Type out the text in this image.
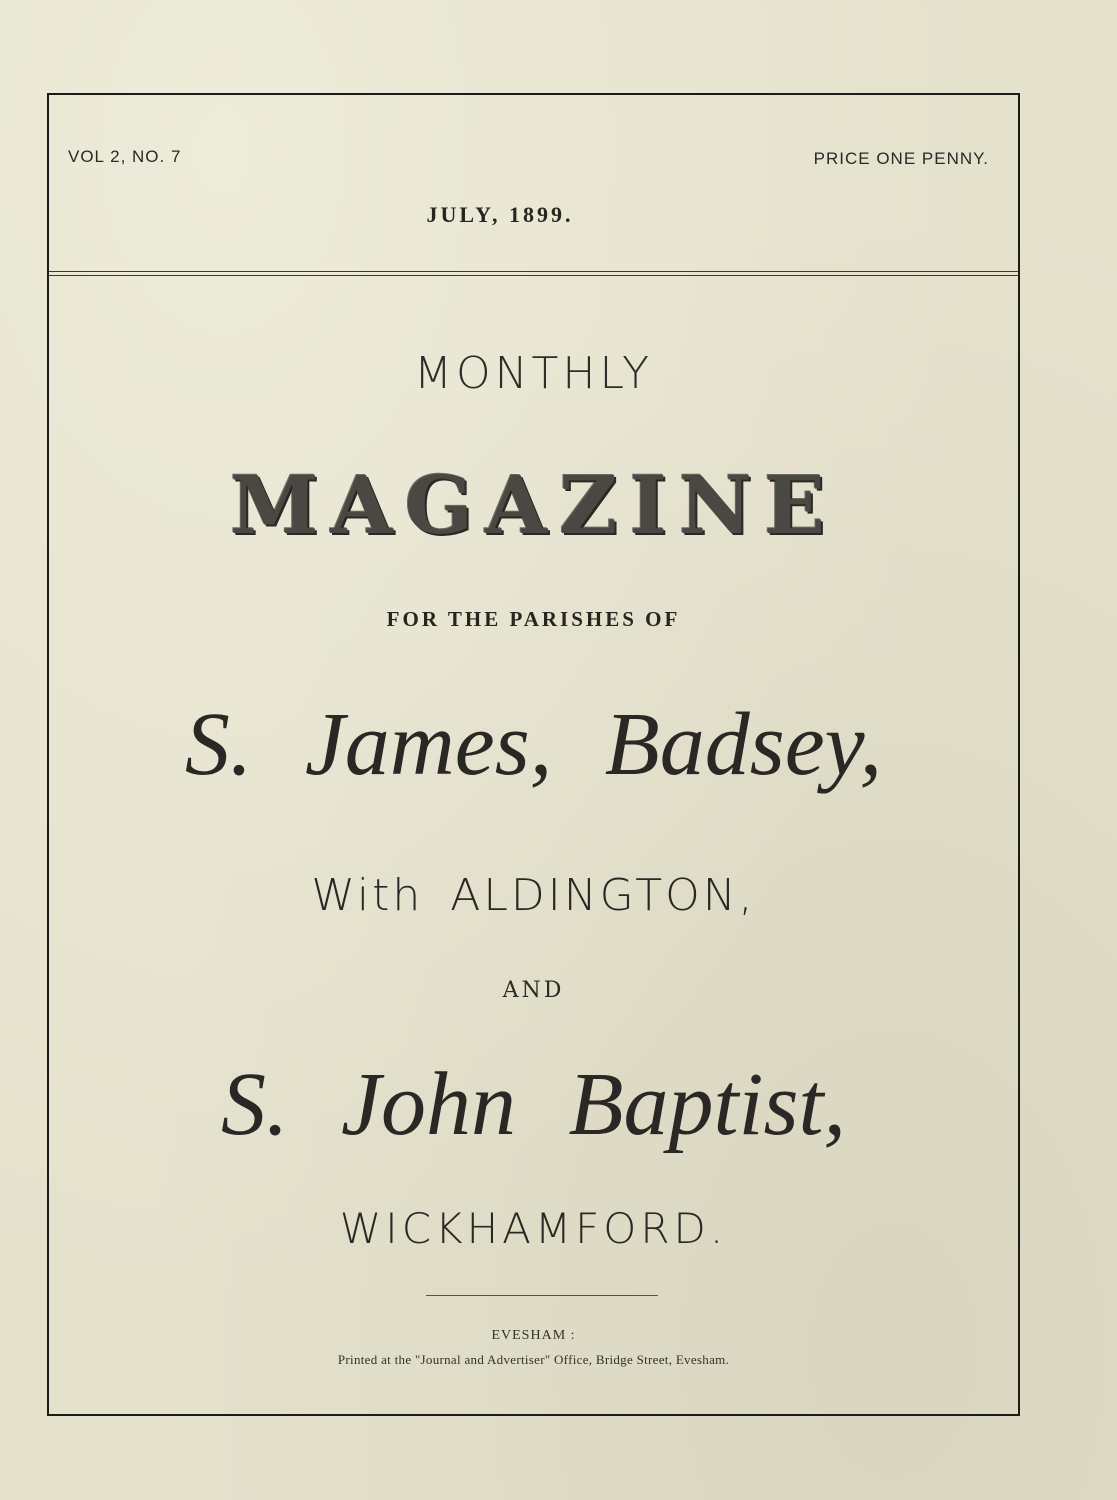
VOL 2, NO. 7	PRICE ONE PENNY.
JULY, 1899.
MONTHLY
MAGAZINE
FOR THE PARISHES OF
S. James, Badsey,
With ALDINGTON,
AND
S. John Baptist,
WICKHAMFORD.
EVESHAM :
Printed at the "Journal and Advertiser" Office, Bridge Street, Evesham.
